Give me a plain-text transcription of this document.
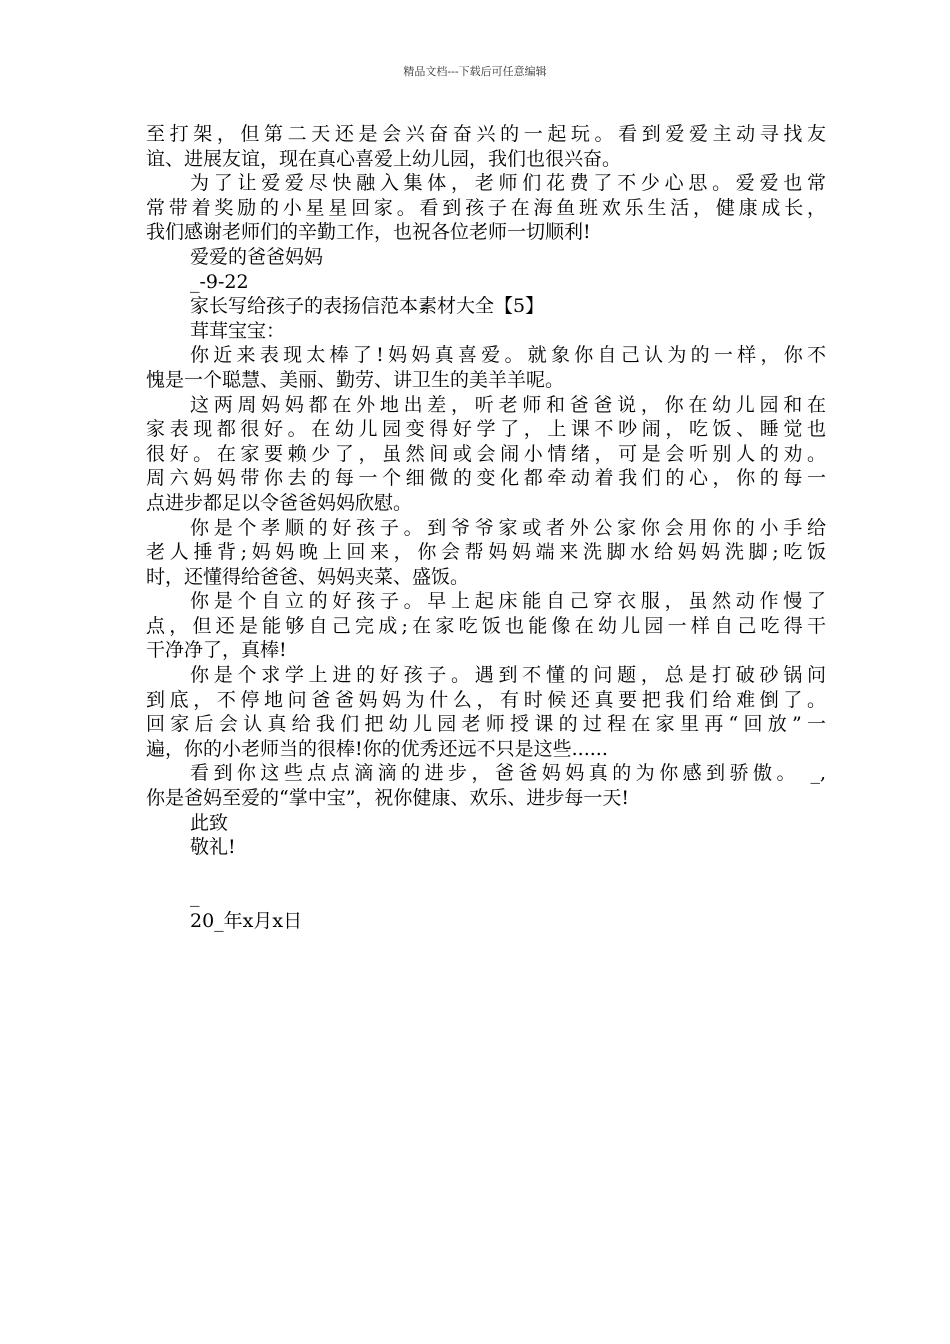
精品文档---下载后可任意编辑
至打架，但第二天还是会兴奋奋兴的一起玩。看到爱爱主动寻找友
谊、进展友谊，现在真心喜爱上幼儿园，我们也很兴奋。
为了让爱爱尽快融入集体，老师们花费了不少心思。爱爱也常
常带着奖励的小星星回家。看到孩子在海鱼班欢乐生活，健康成长，
我们感谢老师们的辛勤工作，也祝各位老师一切顺利!
爱爱的爸爸妈妈
_-9-22
家长写给孩子的表扬信范本素材大全【5】
茸茸宝宝：
你近来表现太棒了!妈妈真喜爱。就象你自己认为的一样，你不
愧是一个聪慧、美丽、勤劳、讲卫生的美羊羊呢。
这两周妈妈都在外地出差，听老师和爸爸说，你在幼儿园和在
家表现都很好。在幼儿园变得好学了，上课不吵闹，吃饭、睡觉也
很好。在家要赖少了，虽然间或会闹小情绪，可是会听别人的劝。
周六妈妈带你去的每一个细微的变化都牵动着我们的心，你的每一
点进步都足以令爸爸妈妈欣慰。
你是个孝顺的好孩子。到爷爷家或者外公家你会用你的小手给
老人捶背;妈妈晚上回来，你会帮妈妈端来洗脚水给妈妈洗脚;吃饭
时，还懂得给爸爸、妈妈夹菜、盛饭。
你是个自立的好孩子。早上起床能自己穿衣服，虽然动作慢了
点，但还是能够自己完成;在家吃饭也能像在幼儿园一样自己吃得干
干净净了，真棒!
你是个求学上进的好孩子。遇到不懂的问题，总是打破砂锅问
到底，不停地问爸爸妈妈为什么，有时候还真要把我们给难倒了。
回家后会认真给我们把幼儿园老师授课的过程在家里再“回放”一
遍，你的小老师当的很棒!你的优秀还远不只是这些......
看到你这些点点滴滴的进步，爸爸妈妈真的为你感到骄傲。 _,
你是爸妈至爱的“掌中宝”，祝你健康、欢乐、进步每一天!
此致
敬礼!
_
20_年x月x日
